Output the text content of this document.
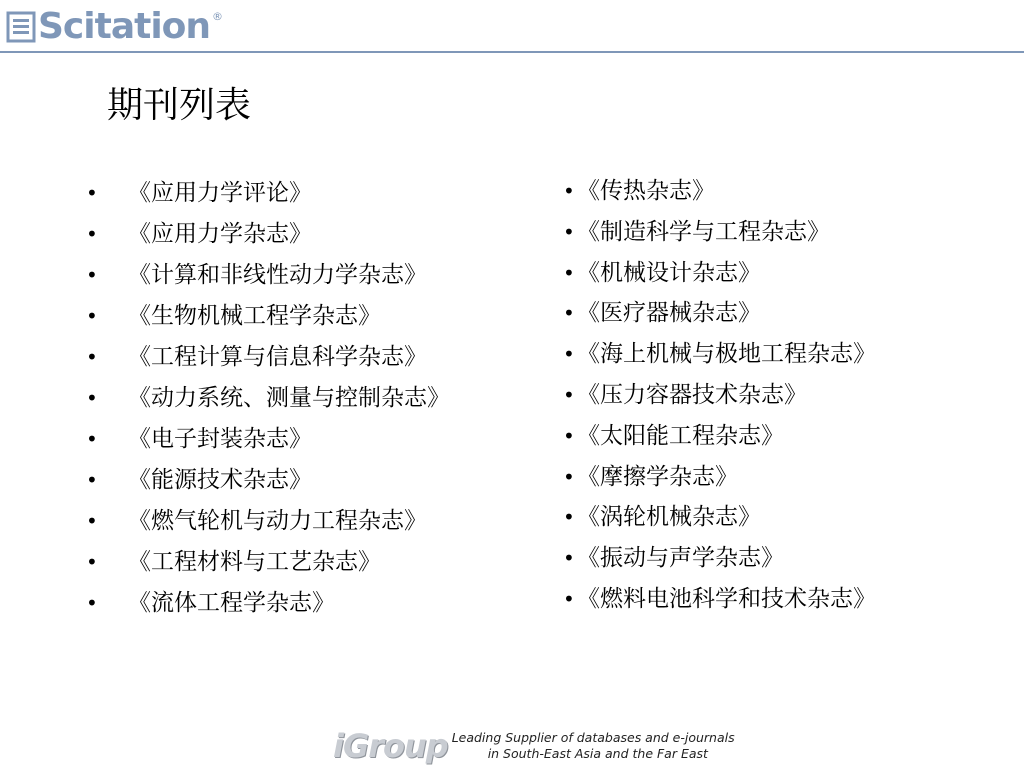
Scitation ®
期刊列表
• 《应用力学评论》
• 《应用力学杂志》
• 《计算和非线性动力学杂志》
• 《生物机械工程学杂志》
• 《工程计算与信息科学杂志》
• 《动力系统、测量与控制杂志》
• 《电子封装杂志》
• 《能源技术杂志》
• 《燃气轮机与动力工程杂志》
• 《工程材料与工艺杂志》
• 《流体工程学杂志》
• 《传热杂志》
• 《制造科学与工程杂志》
• 《机械设计杂志》
• 《医疗器械杂志》
• 《海上机械与极地工程杂志》
• 《压力容器技术杂志》
• 《太阳能工程杂志》
• 《摩擦学杂志》
• 《涡轮机械杂志》
• 《振动与声学杂志》
• 《燃料电池科学和技术杂志》
iGroup Leading Supplier of databases and e-journals
in South-East Asia and the Far East
